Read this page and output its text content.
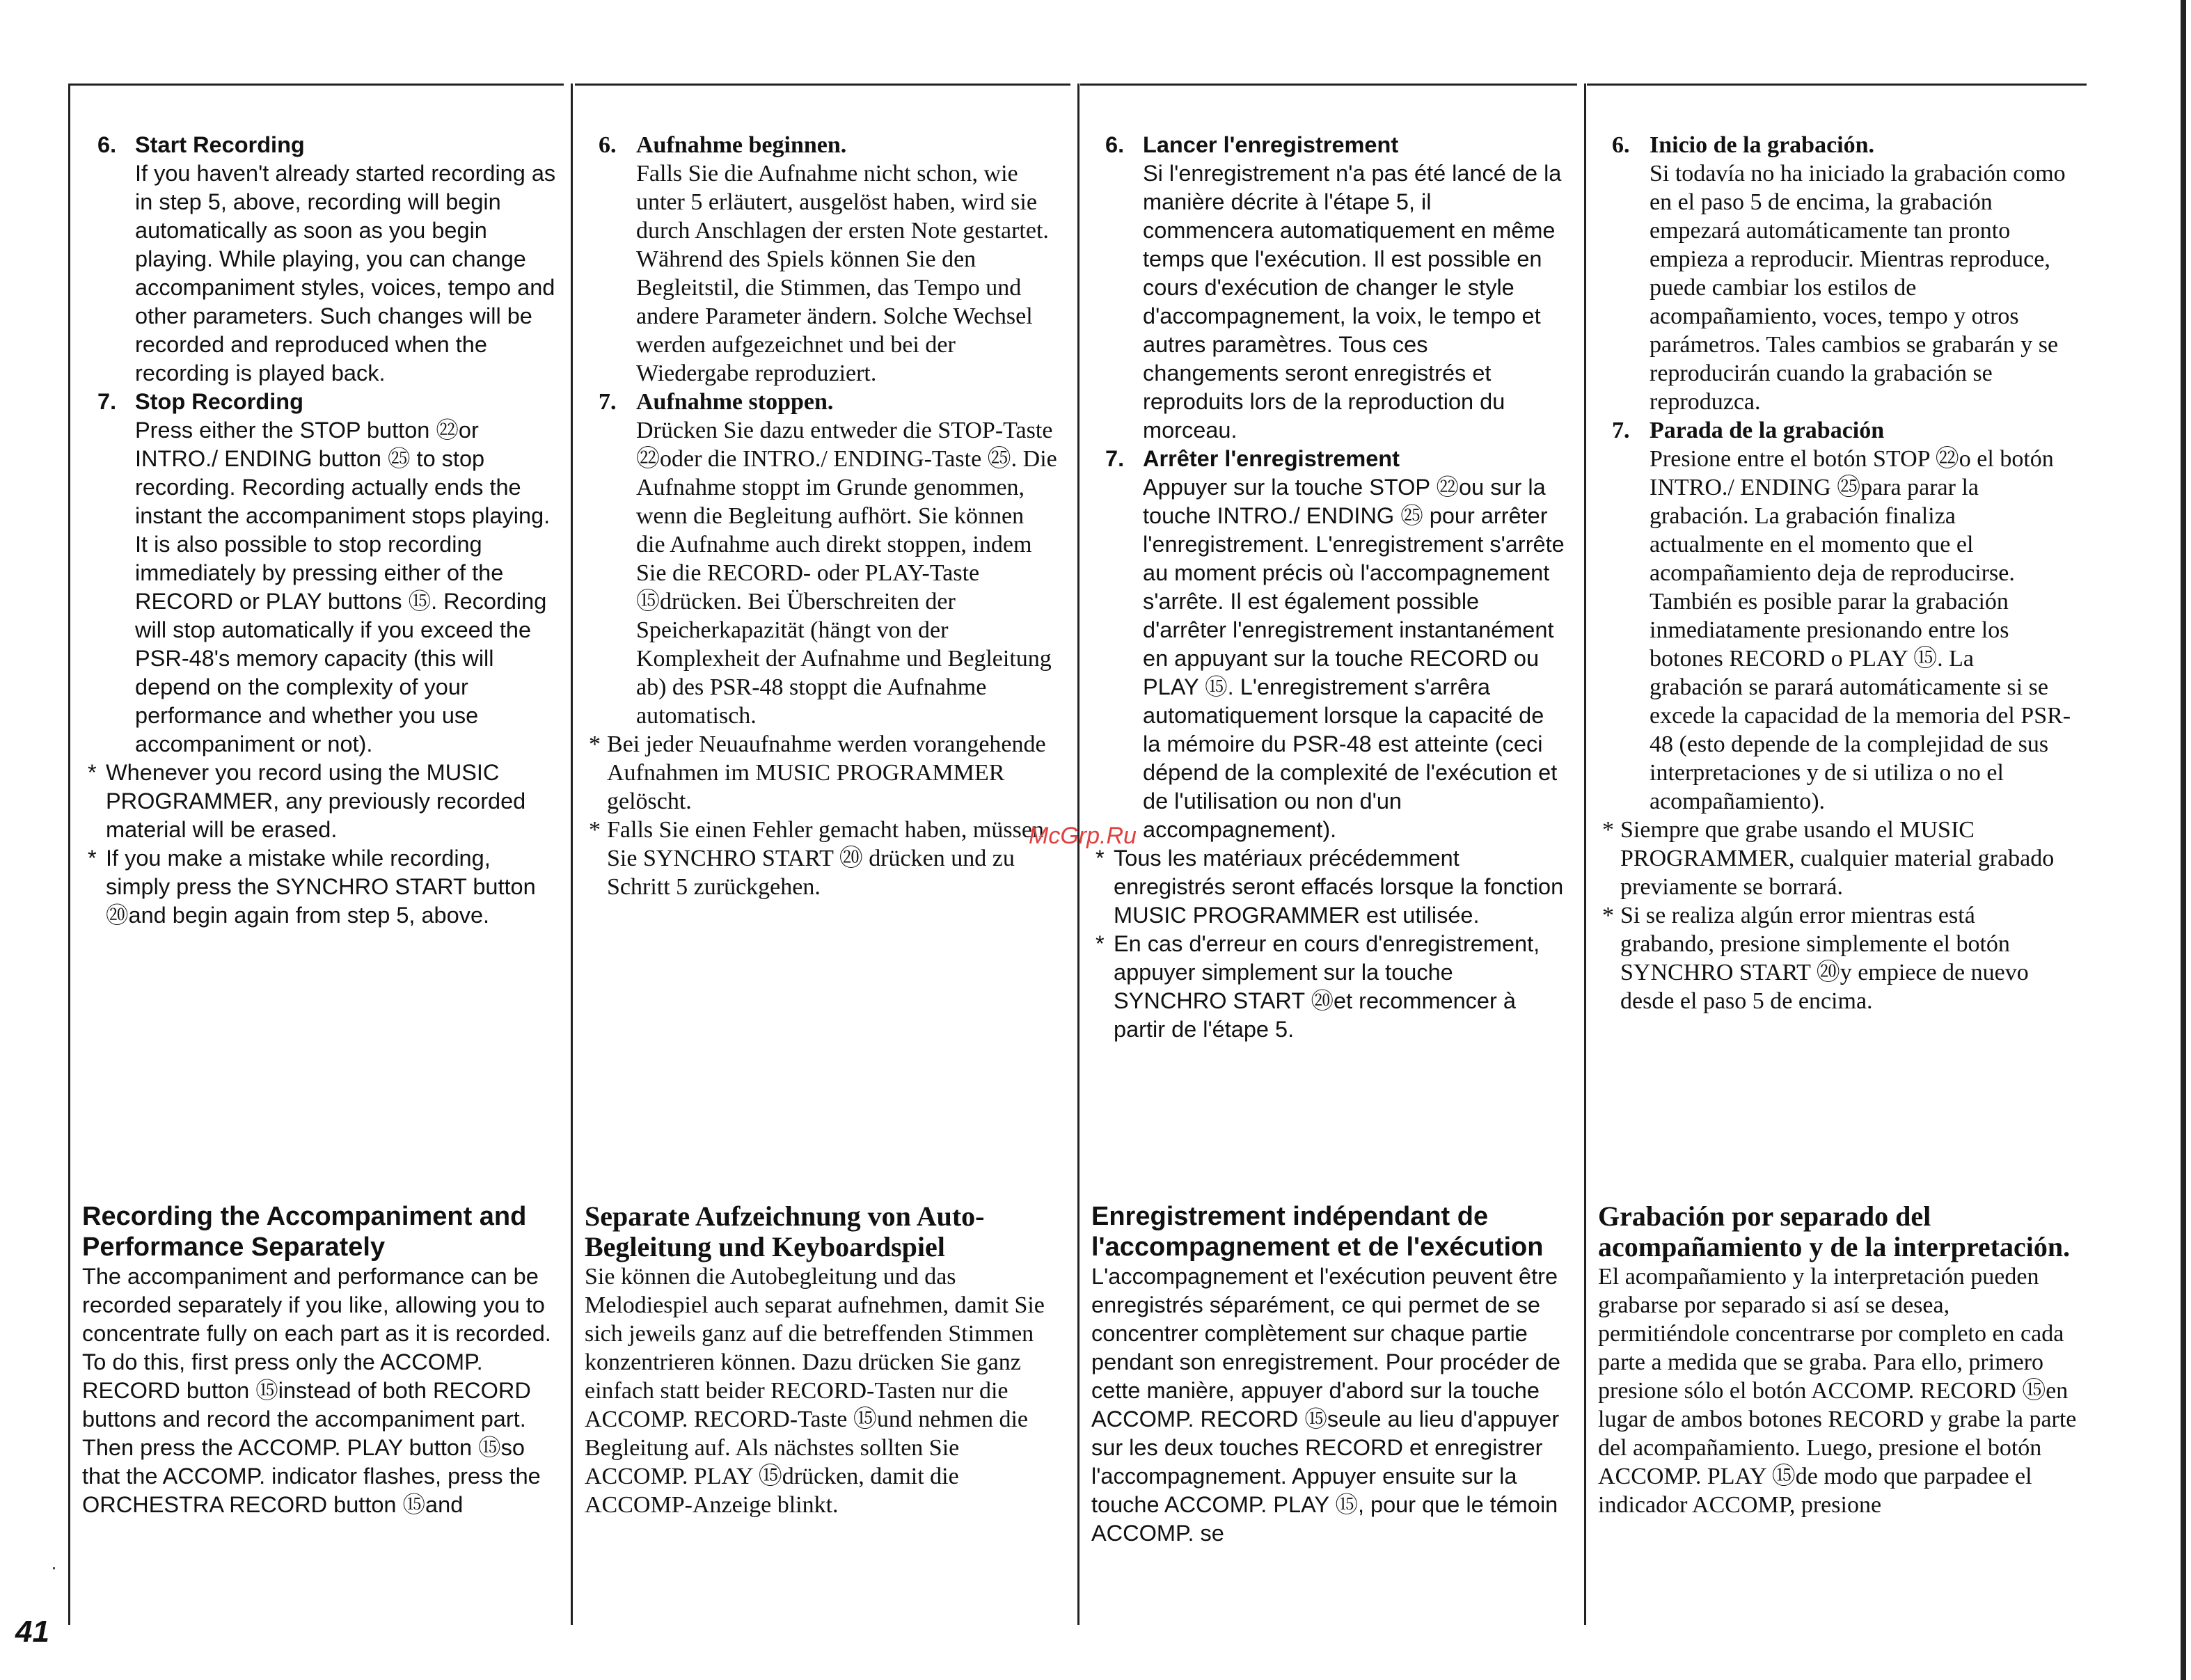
6. Start Recording
If you haven't already started recording as in step 5, above, recording will begin automatically as soon as you begin playing. While playing, you can change accompaniment styles, voices, tempo and other parameters. Such changes will be recorded and reproduced when the recording is played back.
7. Stop Recording
Press either the STOP button ㉒or INTRO./ ENDING button ㉕ to stop recording. Recording actually ends the instant the accompaniment stops playing. It is also possible to stop recording immediately by pressing either of the RECORD or PLAY buttons ⑮. Recording will stop automatically if you exceed the PSR-48's memory capacity (this will depend on the complexity of your performance and whether you use accompaniment or not).
* Whenever you record using the MUSIC PROGRAMMER, any previously recorded material will be erased.
* If you make a mistake while recording, simply press the SYNCHRO START button ⑳and begin again from step 5, above.
6. Aufnahme beginnen.
Falls Sie die Aufnahme nicht schon, wie unter 5 erläutert, ausgelöst haben, wird sie durch Anschlagen der ersten Note gestartet. Während des Spiels können Sie den Begleitstil, die Stimmen, das Tempo und andere Parameter ändern. Solche Wechsel werden aufgezeichnet und bei der Wiedergabe reproduziert.
7. Aufnahme stoppen.
Drücken Sie dazu entweder die STOP-Taste ㉒oder die INTRO./ ENDING-Taste ㉕. Die Aufnahme stoppt im Grunde genommen, wenn die Begleitung aufhört. Sie können die Aufnahme auch direkt stoppen, indem Sie die RECORD- oder PLAY-Taste ⑮drücken. Bei Überschreiten der Speicherkapazität (hängt von der Komplexheit der Aufnahme und Begleitung ab) des PSR-48 stoppt die Aufnahme automatisch.
* Bei jeder Neuaufnahme werden vorangehende Aufnahmen im MUSIC PROGRAMMER gelöscht.
* Falls Sie einen Fehler gemacht haben, müssen Sie SYNCHRO START ⑳ drücken und zu Schritt 5 zurückgehen.
6. Lancer l'enregistrement
Si l'enregistrement n'a pas été lancé de la manière décrite à l'étape 5, il commencera automatiquement en même temps que l'exécution. Il est possible en cours d'exécution de changer le style d'accompagnement, la voix, le tempo et autres paramètres. Tous ces changements seront enregistrés et reproduits lors de la reproduction du morceau.
7. Arrêter l'enregistrement
Appuyer sur la touche STOP ㉒ou sur la touche INTRO./ ENDING ㉕ pour arrêter l'enregistrement. L'enregistrement s'arrête au moment précis où l'accompagnement s'arrête. Il est également possible d'arrêter l'enregistrement instantanément en appuyant sur la touche RECORD ou PLAY ⑮. L'enregistrement s'arrêra automatiquement lorsque la capacité de la mémoire du PSR-48 est atteinte (ceci dépend de la complexité de l'exécution et de l'utilisation ou non d'un accompagnement).
* Tous les matériaux précédemment enregistrés seront effacés lorsque la fonction MUSIC PROGRAMMER est utilisée.
* En cas d'erreur en cours d'enregistrement, appuyer simplement sur la touche SYNCHRO START ⑳et recommencer à partir de l'étape 5.
6. Inicio de la grabación.
Si todavía no ha iniciado la grabación como en el paso 5 de encima, la grabación empezará automáticamente tan pronto empieza a reproducir. Mientras reproduce, puede cambiar los estilos de acompañamiento, voces, tempo y otros parámetros. Tales cambios se grabarán y se reproducirán cuando la grabación se reproduzca.
7. Parada de la grabación
Presione entre el botón STOP ㉒o el botón INTRO./ ENDING ㉕para parar la grabación. La grabación finaliza actualmente en el momento que el acompañamiento deja de reproducirse. También es posible parar la grabación inmediatamente presionando entre los botones RECORD o PLAY ⑮. La grabación se parará automáticamente si se excede la capacidad de la memoria del PSR-48 (esto depende de la complejidad de sus interpretaciones y de si utiliza o no el acompañamiento).
* Siempre que grabe usando el MUSIC PROGRAMMER, cualquier material grabado previamente se borrará.
* Si se realiza algún error mientras está grabando, presione simplemente el botón SYNCHRO START ⑳y empiece de nuevo desde el paso 5 de encima.
Recording the Accompaniment and Performance Separately

The accompaniment and performance can be recorded separately if you like, allowing you to concentrate fully on each part as it is recorded. To do this, first press only the ACCOMP. RECORD button ⑮instead of both RECORD buttons and record the accompaniment part. Then press the ACCOMP. PLAY button ⑮so that the ACCOMP. indicator flashes, press the ORCHESTRA RECORD button ⑮and

Separate Aufzeichnung von Auto-Begleitung und Keyboardspiel

Sie können die Autobegleitung und das Melodiespiel auch separat aufnehmen, damit Sie sich jeweils ganz auf die betreffenden Stimmen konzentrieren können. Dazu drücken Sie ganz einfach statt beider RECORD-Tasten nur die ACCOMP. RECORD-Taste ⑮und nehmen die Begleitung auf. Als nächstes sollten Sie ACCOMP. PLAY ⑮drücken, damit die ACCOMP-Anzeige blinkt.

Enregistrement indépendant de l'accompagnement et de l'exécution

L'accompagnement et l'exécution peuvent être enregistrés séparément, ce qui permet de se concentrer complètement sur chaque partie pendant son enregistrement. Pour procéder de cette manière, appuyer d'abord sur la touche ACCOMP. RECORD ⑮seule au lieu d'appuyer sur les deux touches RECORD et enregistrer l'accompagnement. Appuyer ensuite sur la touche ACCOMP. PLAY ⑮, pour que le témoin ACCOMP. se

Grabación por separado del acompañamiento y de la interpretación.

El acompañamiento y la interpretación pueden grabarse por separado si así se desea, permitiéndole concentrarse por completo en cada parte a medida que se graba. Para ello, primero presione sólo el botón ACCOMP. RECORD ⑮en lugar de ambos botones RECORD y grabe la parte del acompañamiento. Luego, presione el botón ACCOMP. PLAY ⑮de modo que parpadee el indicador ACCOMP, presione

McGrp.Ru
41
